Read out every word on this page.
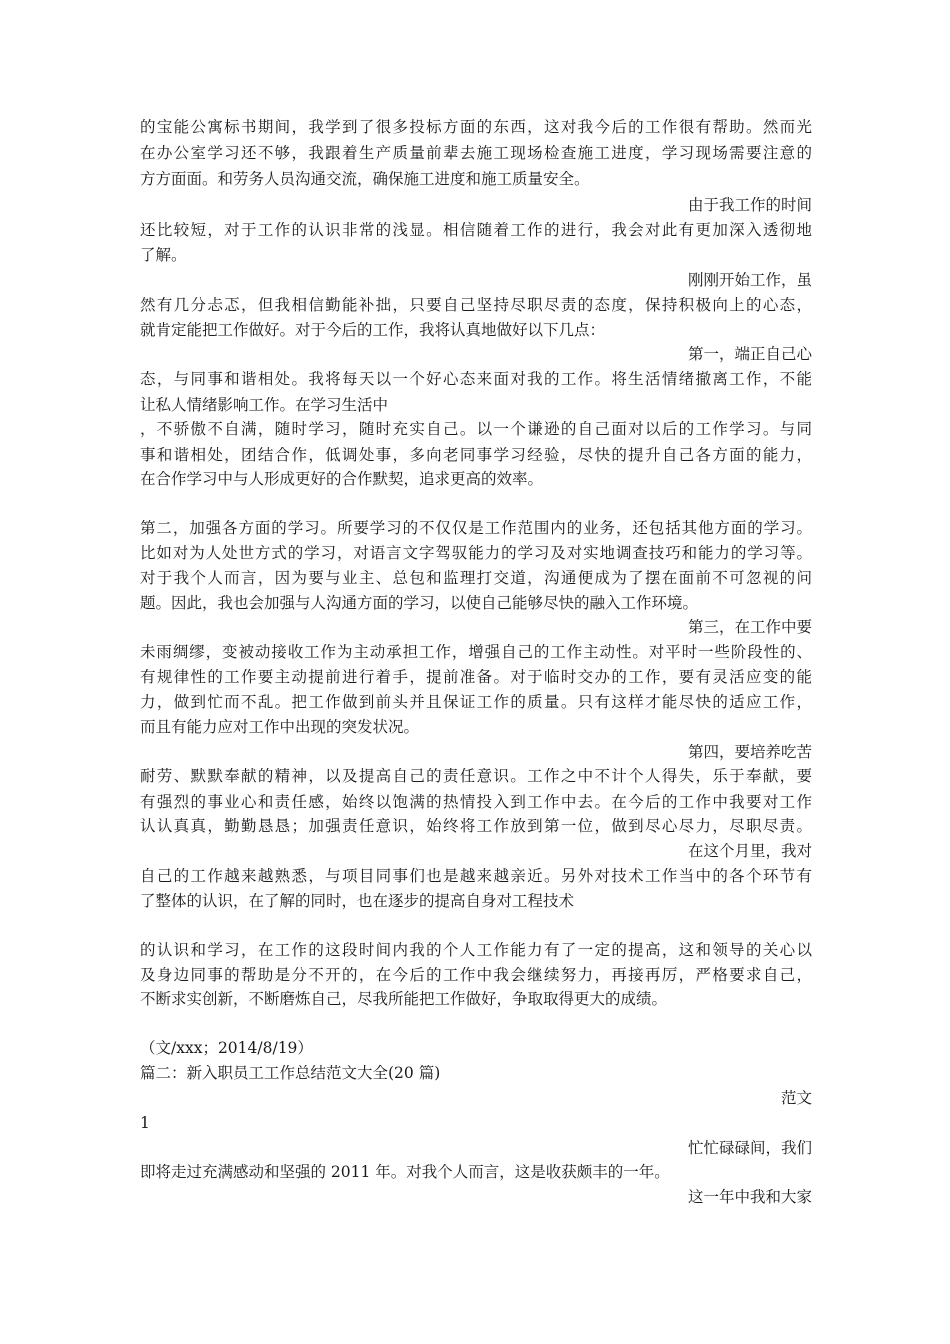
的宝能公寓标书期间，我学到了很多投标方面的东西，这对我今后的工作很有帮助。然而光
在办公室学习还不够，我跟着生产质量前辈去施工现场检查施工进度，学习现场需要注意的
方方面面。和劳务人员沟通交流，确保施工进度和施工质量安全。
由于我工作的时间
还比较短，对于工作的认识非常的浅显。相信随着工作的进行，我会对此有更加深入透彻地
了解。
刚刚开始工作，虽
然有几分忐忑，但我相信勤能补拙，只要自己坚持尽职尽责的态度，保持积极向上的心态，
就肯定能把工作做好。对于今后的工作，我将认真地做好以下几点：
第一，端正自己心
态，与同事和谐相处。我将每天以一个好心态来面对我的工作。将生活情绪撤离工作，不能
让私人情绪影响工作。在学习生活中
，不骄傲不自满，随时学习，随时充实自己。以一个谦逊的自己面对以后的工作学习。与同
事和谐相处，团结合作，低调处事，多向老同事学习经验，尽快的提升自己各方面的能力，
在合作学习中与人形成更好的合作默契，追求更高的效率。
第二，加强各方面的学习。所要学习的不仅仅是工作范围内的业务，还包括其他方面的学习。
比如对为人处世方式的学习，对语言文字驾驭能力的学习及对实地调查技巧和能力的学习等。
对于我个人而言，因为要与业主、总包和监理打交道，沟通便成为了摆在面前不可忽视的问
题。因此，我也会加强与人沟通方面的学习，以使自己能够尽快的融入工作环境。
第三，在工作中要
未雨绸缪，变被动接收工作为主动承担工作，增强自己的工作主动性。对平时一些阶段性的、
有规律性的工作要主动提前进行着手，提前准备。对于临时交办的工作，要有灵活应变的能
力，做到忙而不乱。把工作做到前头并且保证工作的质量。只有这样才能尽快的适应工作，
而且有能力应对工作中出现的突发状况。
第四，要培养吃苦
耐劳、默默奉献的精神，以及提高自己的责任意识。工作之中不计个人得失，乐于奉献，要
有强烈的事业心和责任感，始终以饱满的热情投入到工作中去。在今后的工作中我要对工作
认认真真，勤勤恳恳；加强责任意识，始终将工作放到第一位，做到尽心尽力，尽职尽责。
在这个月里，我对
自己的工作越来越熟悉，与项目同事们也是越来越亲近。另外对技术工作当中的各个环节有
了整体的认识，在了解的同时，也在逐步的提高自身对工程技术
的认识和学习，在工作的这段时间内我的个人工作能力有了一定的提高，这和领导的关心以
及身边同事的帮助是分不开的，在今后的工作中我会继续努力，再接再厉，严格要求自己，
不断求实创新，不断磨炼自己，尽我所能把工作做好，争取取得更大的成绩。
（文/xxx；2014/8/19）
篇二：新入职员工工作总结范文大全(20 篇)
范文
1
忙忙碌碌间，我们
即将走过充满感动和坚强的 2011 年。对我个人而言，这是收获颇丰的一年。
这一年中我和大家
